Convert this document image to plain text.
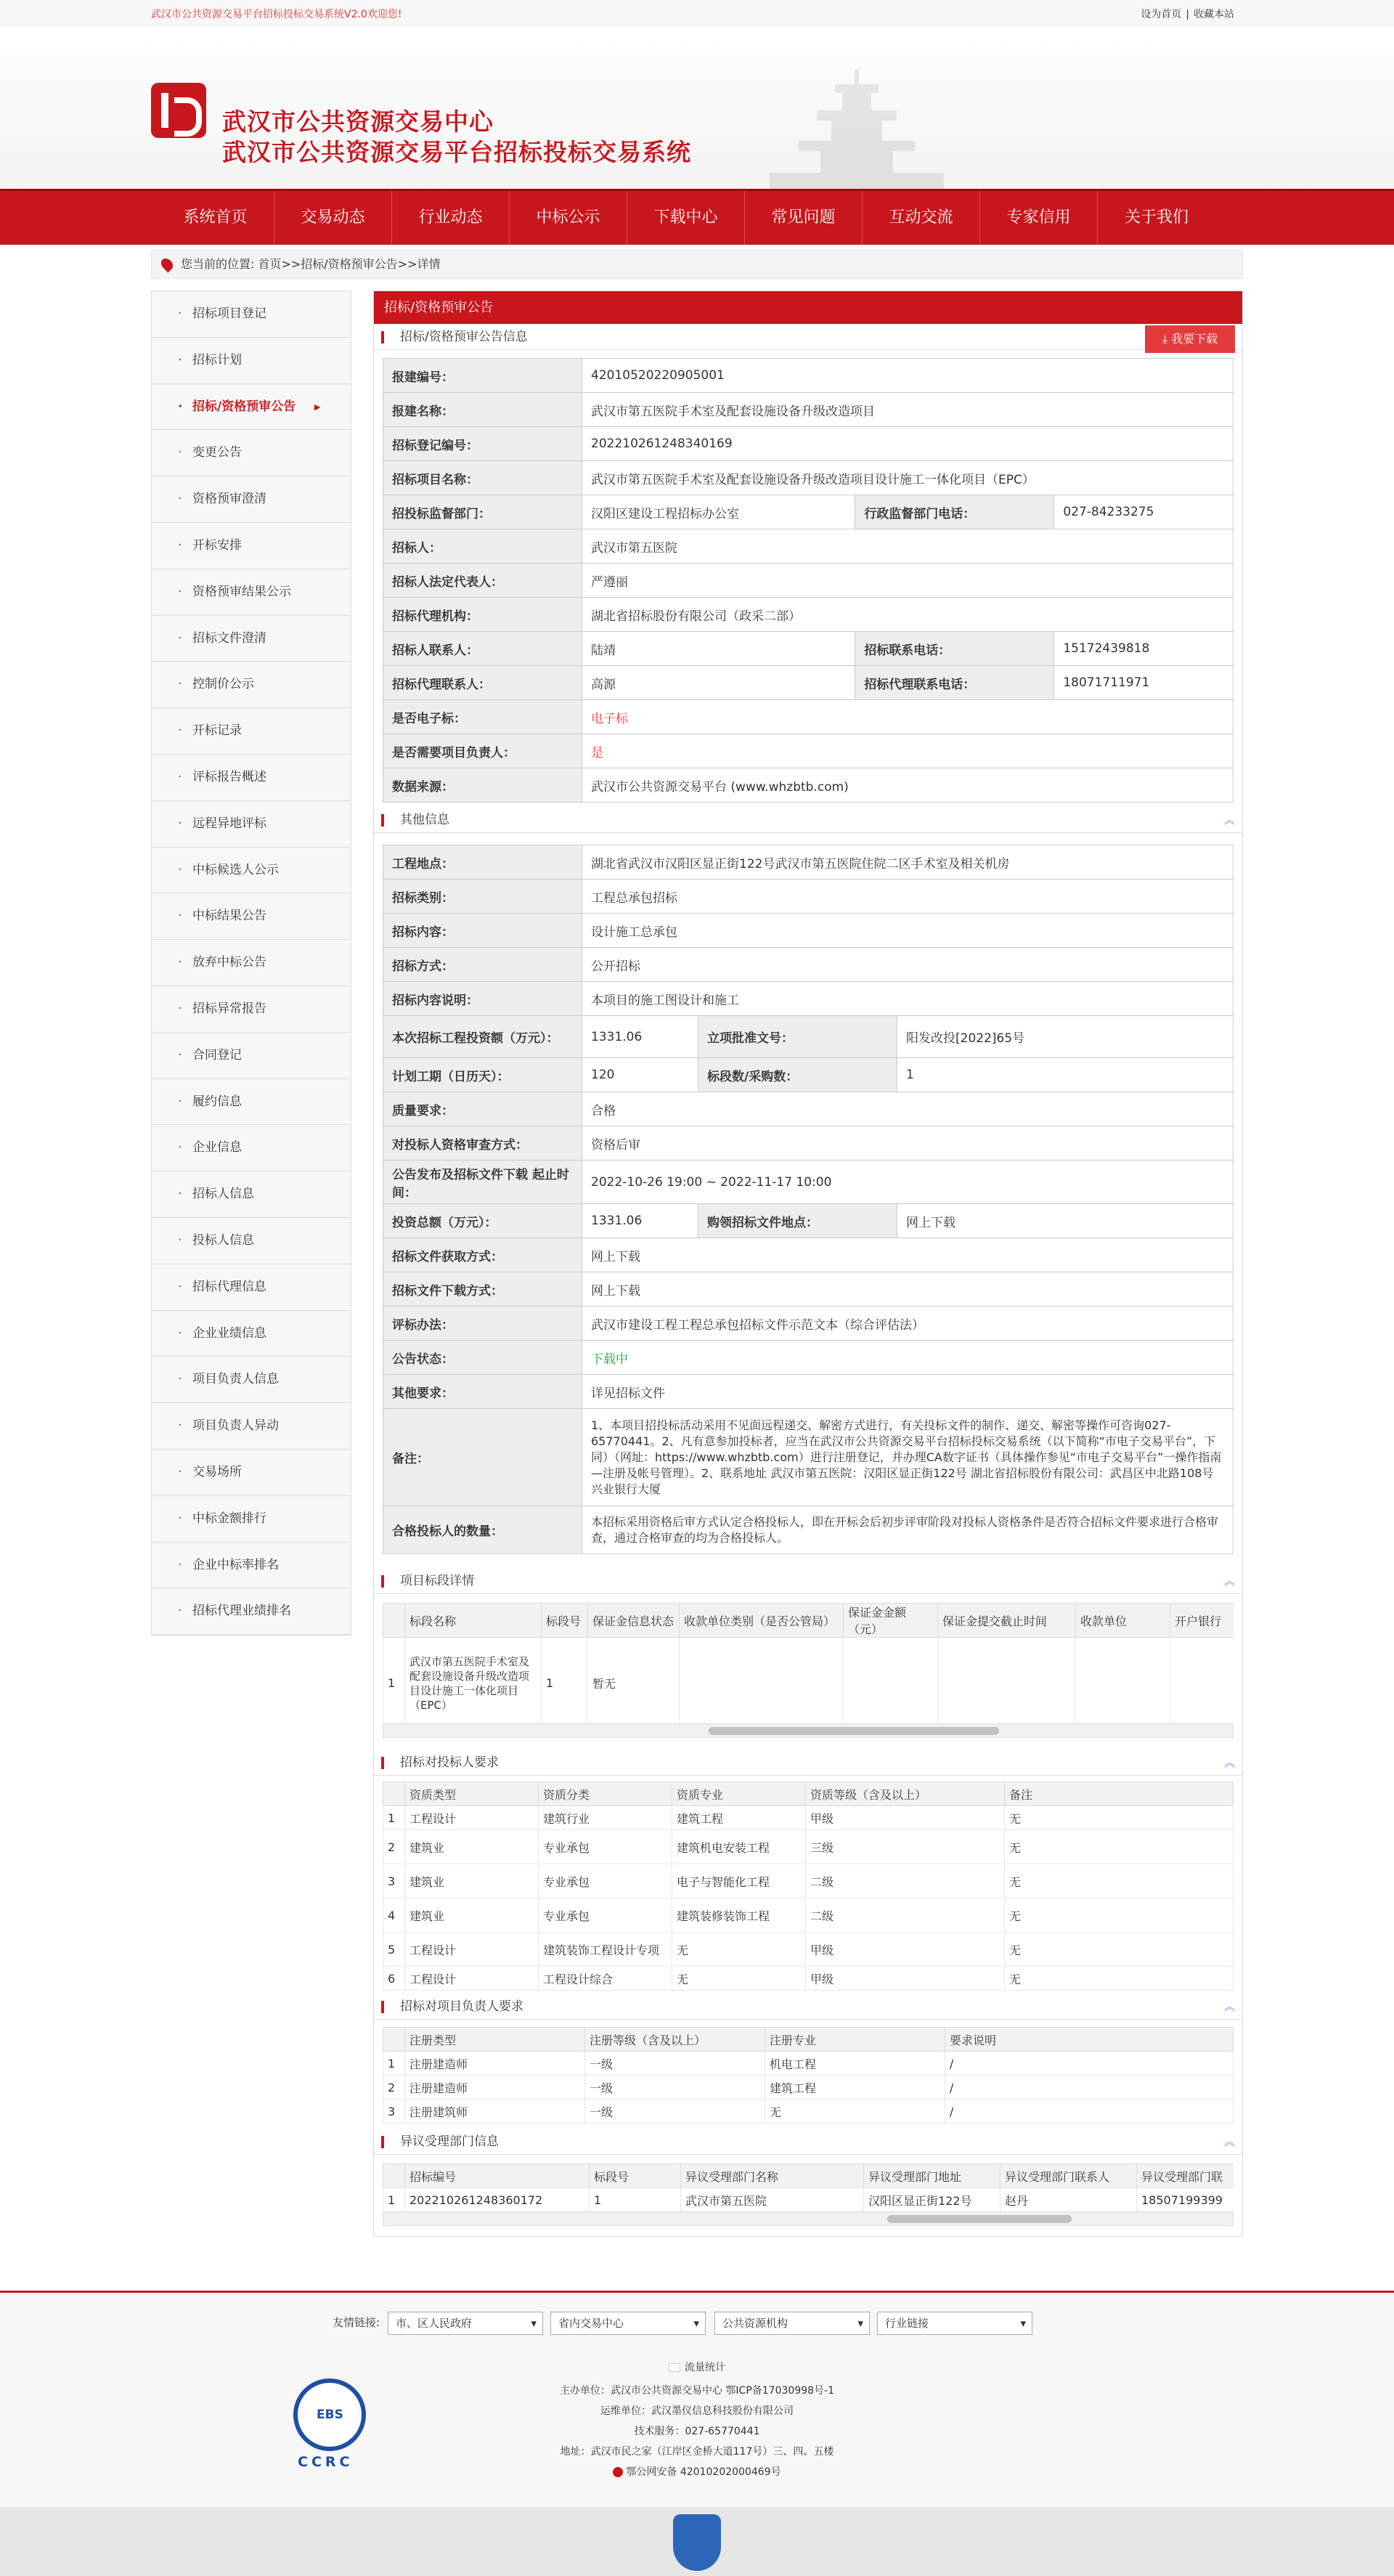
武汉市公共资源交易平台招标投标交易系统V2.0欢迎您!	设为首页 | 收藏本站
武汉市公共资源交易中心
武汉市公共资源交易平台招标投标交易系统
系统首页	交易动态	行业动态	中标公示	下载中心	常见问题	互动交流	专家信用	关于我们
您当前的位置: 首页>>招标/资格预审公告>>详情
· 招标项目登记
· 招标计划
· 招标/资格预审公告 ▶
· 变更公告
· 资格预审澄清
· 开标安排
· 资格预审结果公示
· 招标文件澄清
· 控制价公示
· 开标记录
· 评标报告概述
· 远程异地评标
· 中标候选人公示
· 中标结果公告
· 放弃中标公告
· 招标异常报告
· 合同登记
· 履约信息
· 企业信息
· 招标人信息
· 投标人信息
· 招标代理信息
· 企业业绩信息
· 项目负责人信息
· 项目负责人异动
· 交易场所
· 中标金额排行
· 企业中标率排名
· 招标代理业绩排名
招标/资格预审公告
招标/资格预审公告信息	⤓ 我要下载
报建编号：	42010520220905001		
报建名称：	武汉市第五医院手术室及配套设施设备升级改造项目		
招标登记编号：	20221026124834016​9		
招标项目名称：	武汉市第五医院手术室及配套设施设备升级改造项目设计施工一体化项目（EPC）		
招投标监督部门：	汉阳区建设工程招标办公室	行政监督部门电话：	027-84233275
招标人：	武汉市第五医院		
招标人法定代表人：	严遵丽		
招标代理机构：	湖北省招标股份有限公司（政采二部）		
招标人联系人：	陆靖	招标联系电话：	15172439818
招标代理联系人：	高源	招标代理联系电话：	18071711971
是否电子标：	电子标		
是否需要项目负责人：	是		
数据来源：	武汉市公共资源交易平台 (www.whzbtb.com)		
其他信息	︽
工程地点：	湖北省武汉市汉阳区显正街122号武汉市第五医院住院二区手术室及相关机房		
招标类别：	工程总承包招标		
招标内容：	设计施工总承包		
招标方式：	公开招标		
招标内容说明：	本项目的施工图设计和施工		
本次招标工程投资额（万元）：	1331.06	立项批准文号：	阳发改投[2022]65号
计划工期（日历天）：	120	标段数/采购数：	1
质量要求：	合格		
对投标人资格审查方式：	资格后审		
公告发布及招标文件下载 起止时间：	2022-10-26 19:00 ~ 2022-11-17 10:00		
投资总额（万元）：	1331.06	购领招标文件地点：	网上下载
招标文件获取方式：	网上下载		
招标文件下载方式：	网上下载		
评标办法：	武汉市建设工程工程总承包招标文件示范文本（综合评估法）		
公告状态：	下载中		
其他要求：	详见招标文件		
备注：	1、本项目招投标活动采用不见面远程递交、解密方式进行，有关投标文件的制作、递交、解密等操作可咨询027-65770441。2、凡有意参加投标者，应当在武汉市公共资源交易平台招标投标交易系统（以下简称“市电子交易平台”，下同）（网址：https://www.whzbtb.com）进行注册登记，并办理CA数字证书（具体操作参见“市电子交易平台”一操作指南—注册及帐号管理）。2、联系地址 武汉市第五医院：汉阳区显正街122号 湖北省招标股份有限公司：武昌区中北路108号兴业银行大厦		
合格投标人的数量：	本招标采用资格后审方式认定合格投标人，即在开标会后初步评审阶段对投标人资格条件是否符合招标文件要求进行合格审查，通过合格审查的均为合格投标人。		
项目标段详情	︽
	标段名称	标段号	保证金信息状态	收款单位类别（是否公管局）	保证金金额（元）	保证金提交截止时间	收款单位	开户银行
1	武汉市第五医院手术室及配套设施设备升级改造项目设计施工一体化项目（EPC）	1	暂无					
招标对投标人要求	︽
	资质类型	资质分类	资质专业	资质等级（含及以上）	备注
1	工程设计	建筑行业	建筑工程	甲级	无
2	建筑业	专业承包	建筑机电安装工程	三级	无
3	建筑业	专业承包	电子与智能化工程	二级	无
4	建筑业	专业承包	建筑装修装饰工程	二级	无
5	工程设计	建筑装饰工程设计专项	无	甲级	无
6	工程设计	工程设计综合	无	甲级	无
招标对项目负责人要求	︽
	注册类型	注册等级（含及以上）	注册专业	要求说明
1	注册建造师	一级	机电工程	/
2	注册建造师	一级	建筑工程	/
3	注册建筑师	一级	无	/
异议受理部门信息	︽
	招标编号	标段号	异议受理部门名称	异议受理部门地址	异议受理部门联系人	异议受理部门联
1	202210261248360172	1	武汉市第五医院	汉阳区显正街122号	赵丹	18507199399
友情链接:	市、区人民政府 ▾	省内交易中心 ▾	公共资源机构 ▾	行业链接 ▾
流量统计
主办单位：武汉市公共资源交易中心 鄂ICP备17030998号-1
运维单位：武汉墨仪信息科技股份有限公司
技术服务：027-65770441
地址：武汉市民之家（江岸区金桥大道117号）三、四、五楼
鄂公网安备 42010202000469号
EBS
CCRC
